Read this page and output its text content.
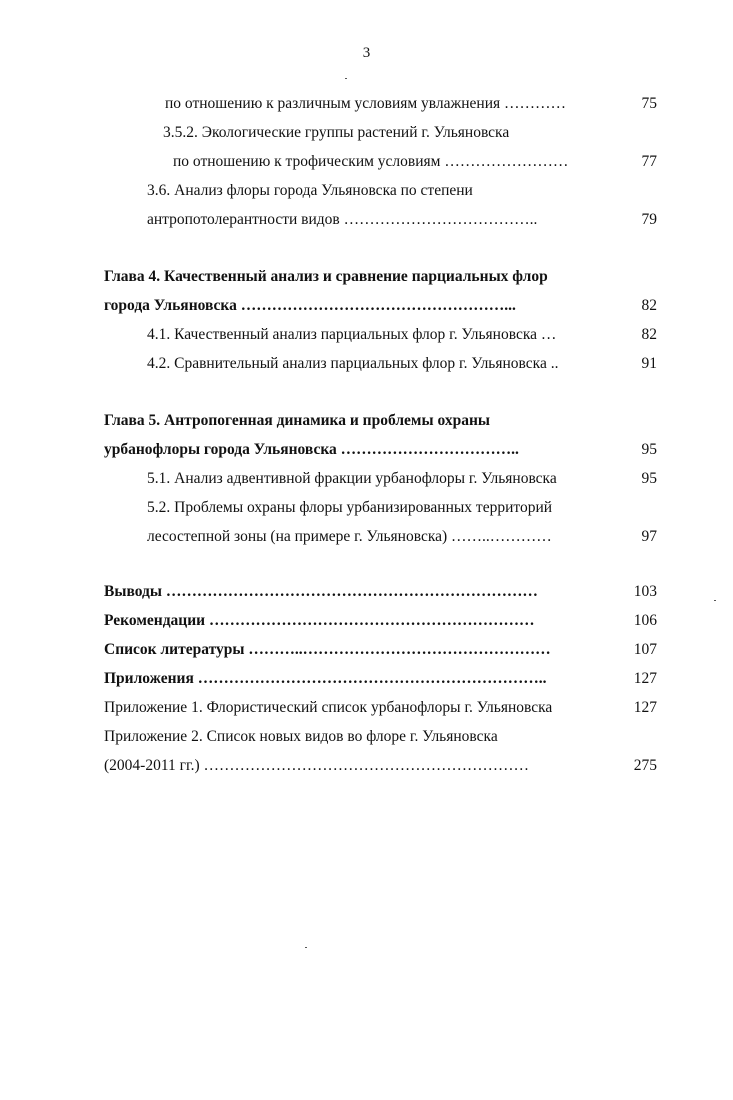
3
по отношению к различным условиям увлажнения …………	75
3.5.2. Экологические группы растений г. Ульяновска
по отношению к трофическим условиям ……………………	77
3.6. Анализ флоры города Ульяновска по степени
антропотолерантности видов ………………………………..	79
Глава 4. Качественный анализ и сравнение парциальных флор
города Ульяновска ……………………………………………...	82
4.1. Качественный анализ парциальных флор г. Ульяновска …	82
4.2. Сравнительный анализ парциальных флор г. Ульяновска ..	91
Глава 5. Антропогенная динамика и проблемы охраны
урбанофлоры города Ульяновска ……………………………..	95
5.1. Анализ адвентивной фракции урбанофлоры г. Ульяновска	95
5.2. Проблемы охраны флоры урбанизированных территорий
лесостепной зоны (на примере г. Ульяновска) ……..…………	97
Выводы ………………………………………………………………	103
Рекомендации ………………………………………………………	106
Список литературы ………..…………………………………………	107
Приложения …………………………………………………………..	127
Приложение 1. Флористический список урбанофлоры г. Ульяновска	127
Приложение 2. Список новых видов во флоре г. Ульяновска
(2004-2011 гг.) ………………………………………………………	275
